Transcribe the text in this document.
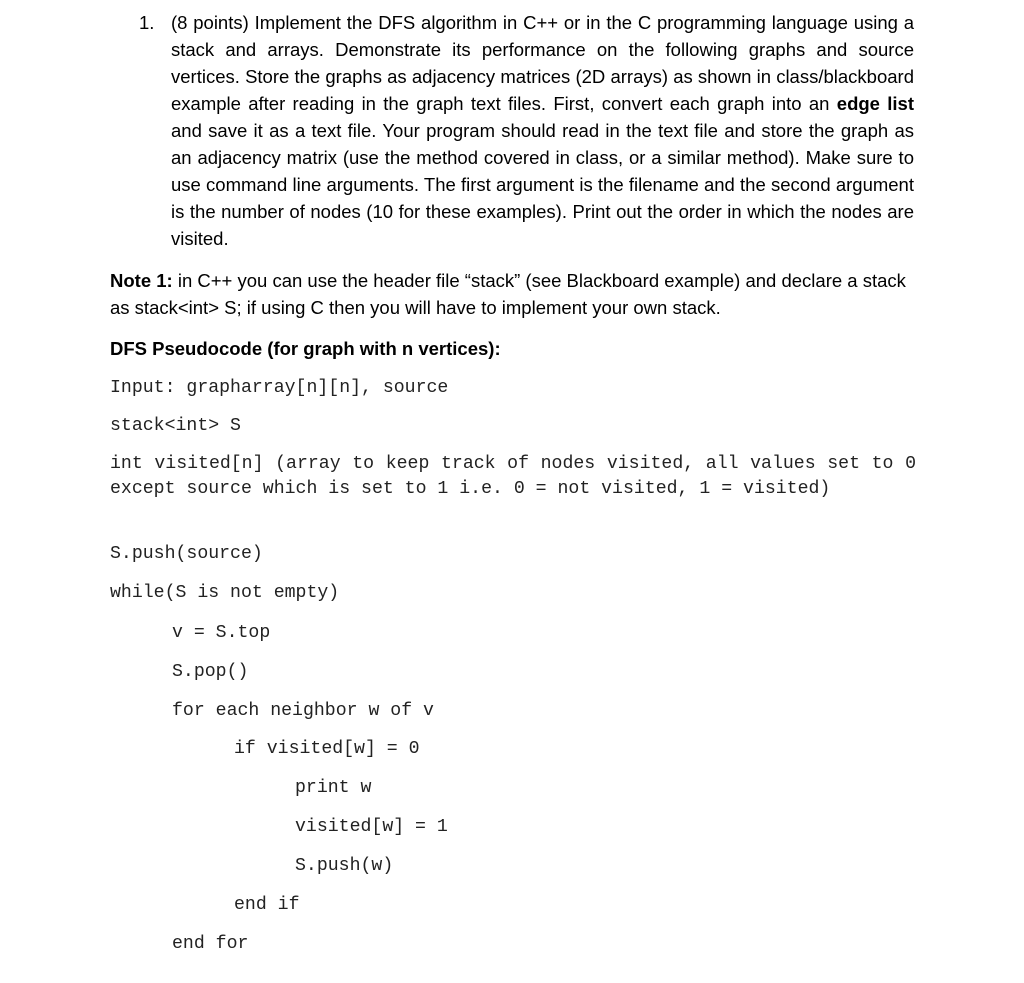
1. (8 points) Implement the DFS algorithm in C++ or in the C programming language using a stack and arrays. Demonstrate its performance on the following graphs and source vertices. Store the graphs as adjacency matrices (2D arrays) as shown in class/blackboard example after reading in the graph text files. First, convert each graph into an edge list and save it as a text file. Your program should read in the text file and store the graph as an adjacency matrix (use the method covered in class, or a similar method). Make sure to use command line arguments. The first argument is the filename and the second argument is the number of nodes (10 for these examples). Print out the order in which the nodes are visited.
Note 1: in C++ you can use the header file “stack” (see Blackboard example) and declare a stack as stack<int> S; if using C then you will have to implement your own stack.
DFS Pseudocode (for graph with n vertices):
Input: grapharray[n][n], source
stack<int> S
int visited[n] (array to keep track of nodes visited, all values set to 0 except source which is set to 1 i.e. 0 = not visited, 1 = visited)
S.push(source)
while(S is not empty)
v = S.top
S.pop()
for each neighbor w of v
if visited[w] = 0
print w
visited[w] = 1
S.push(w)
end if
end for
